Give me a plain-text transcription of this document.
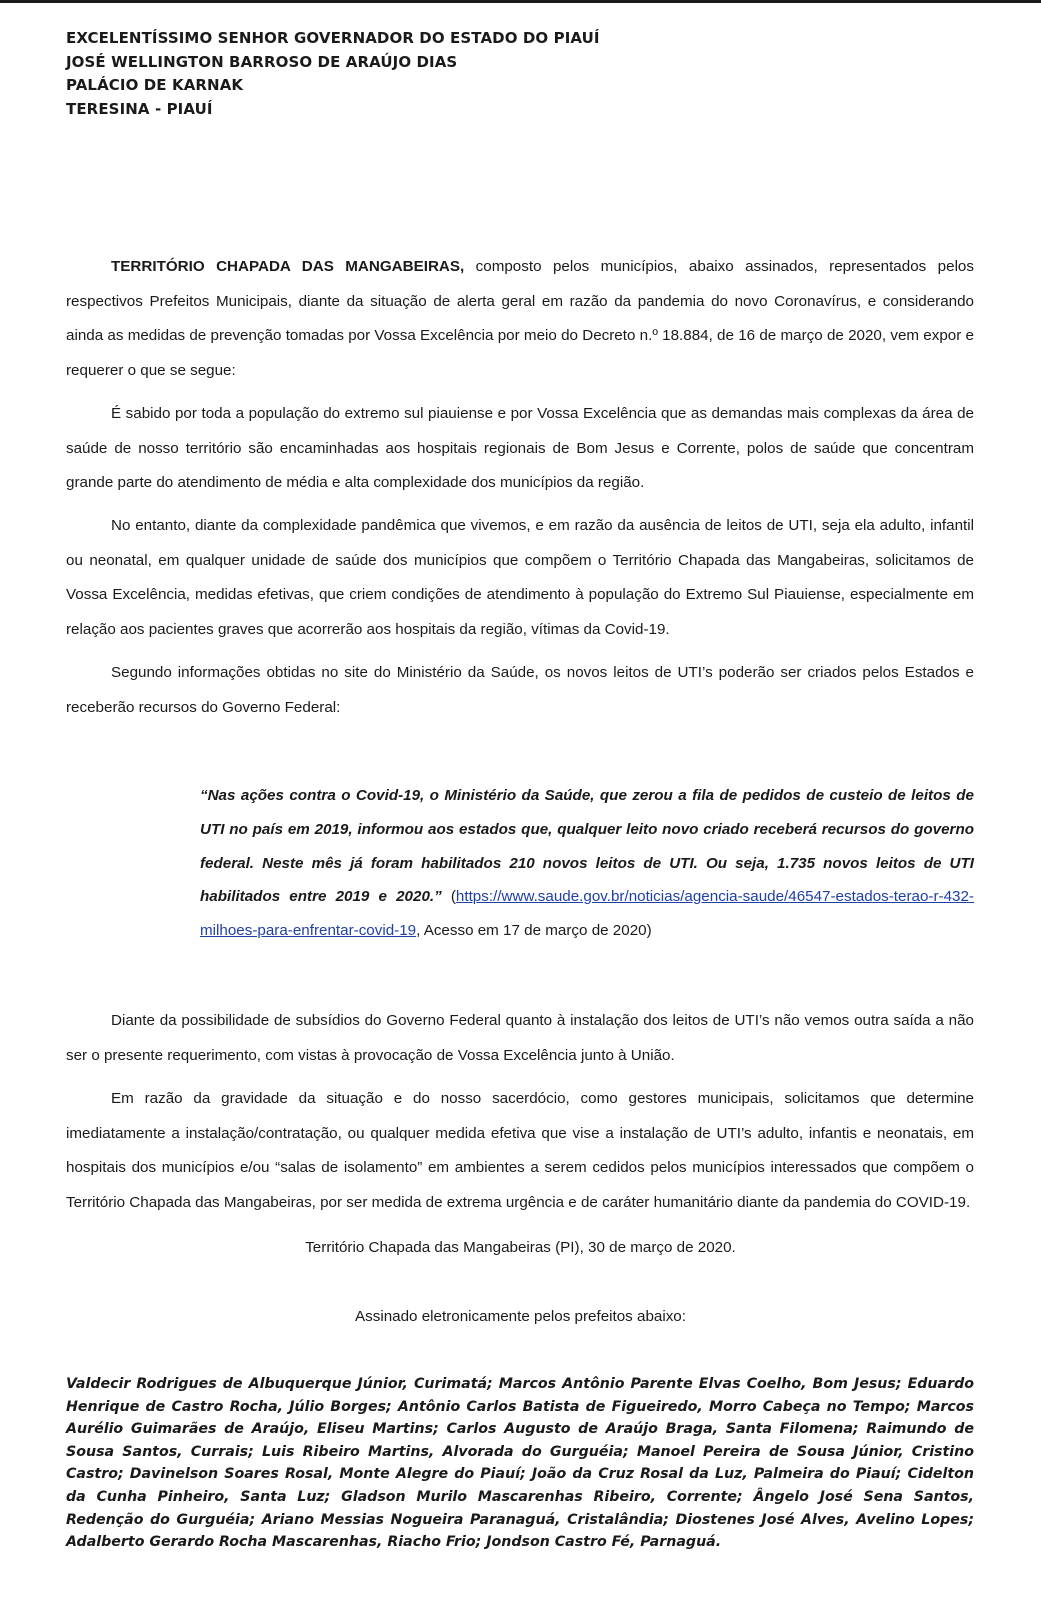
EXCELENTÍSSIMO SENHOR GOVERNADOR DO ESTADO DO PIAUÍ
JOSÉ WELLINGTON BARROSO DE ARAÚJO DIAS
PALÁCIO DE KARNAK
TERESINA - PIAUÍ

TERRITÓRIO CHAPADA DAS MANGABEIRAS, composto pelos municípios, abaixo assinados, representados pelos respectivos Prefeitos Municipais, diante da situação de alerta geral em razão da pandemia do novo Coronavírus, e considerando ainda as medidas de prevenção tomadas por Vossa Excelência por meio do Decreto n.º 18.884, de 16 de março de 2020, vem expor e requerer o que se segue:

É sabido por toda a população do extremo sul piauiense e por Vossa Excelência que as demandas mais complexas da área de saúde de nosso território são encaminhadas aos hospitais regionais de Bom Jesus e Corrente, polos de saúde que concentram grande parte do atendimento de média e alta complexidade dos municípios da região.

No entanto, diante da complexidade pandêmica que vivemos, e em razão da ausência de leitos de UTI, seja ela adulto, infantil ou neonatal, em qualquer unidade de saúde dos municípios que compõem o Território Chapada das Mangabeiras, solicitamos de Vossa Excelência, medidas efetivas, que criem condições de atendimento à população do Extremo Sul Piauiense, especialmente em relação aos pacientes graves que acorrerão aos hospitais da região, vítimas da Covid-19.

Segundo informações obtidas no site do Ministério da Saúde, os novos leitos de UTI’s poderão ser criados pelos Estados e receberão recursos do Governo Federal:

“Nas ações contra o Covid-19, o Ministério da Saúde, que zerou a fila de pedidos de custeio de leitos de UTI no país em 2019, informou aos estados que, qualquer leito novo criado receberá recursos do governo federal. Neste mês já foram habilitados 210 novos leitos de UTI. Ou seja, 1.735 novos leitos de UTI habilitados entre 2019 e 2020.” (https://www.saude.gov.br/noticias/agencia-saude/46547-estados-terao-r-432-milhoes-para-enfrentar-covid-19, Acesso em 17 de março de 2020)

Diante da possibilidade de subsídios do Governo Federal quanto à instalação dos leitos de UTI’s não vemos outra saída a não ser o presente requerimento, com vistas à provocação de Vossa Excelência junto à União.

Em razão da gravidade da situação e do nosso sacerdócio, como gestores municipais, solicitamos que determine imediatamente a instalação/contratação, ou qualquer medida efetiva que vise a instalação de UTI’s adulto, infantis e neonatais, em hospitais dos municípios e/ou “salas de isolamento” em ambientes a serem cedidos pelos municípios interessados que compõem o Território Chapada das Mangabeiras, por ser medida de extrema urgência e de caráter humanitário diante da pandemia do COVID-19.

Território Chapada das Mangabeiras (PI), 30 de março de 2020.

Assinado eletronicamente pelos prefeitos abaixo:

Valdecir Rodrigues de Albuquerque Júnior, Curimatá; Marcos Antônio Parente Elvas Coelho, Bom Jesus; Eduardo Henrique de Castro Rocha, Júlio Borges; Antônio Carlos Batista de Figueiredo, Morro Cabeça no Tempo; Marcos Aurélio Guimarães de Araújo, Eliseu Martins; Carlos Augusto de Araújo Braga, Santa Filomena; Raimundo de Sousa Santos, Currais; Luis Ribeiro Martins, Alvorada do Gurguéia; Manoel Pereira de Sousa Júnior, Cristino Castro; Davinelson Soares Rosal, Monte Alegre do Piauí; João da Cruz Rosal da Luz, Palmeira do Piauí; Cidelton da Cunha Pinheiro, Santa Luz; Gladson Murilo Mascarenhas Ribeiro, Corrente; Ângelo José Sena Santos, Redenção do Gurguéia; Ariano Messias Nogueira Paranaguá, Cristalândia; Diostenes José Alves, Avelino Lopes; Adalberto Gerardo Rocha Mascarenhas, Riacho Frio; Jondson Castro Fé, Parnaguá.
